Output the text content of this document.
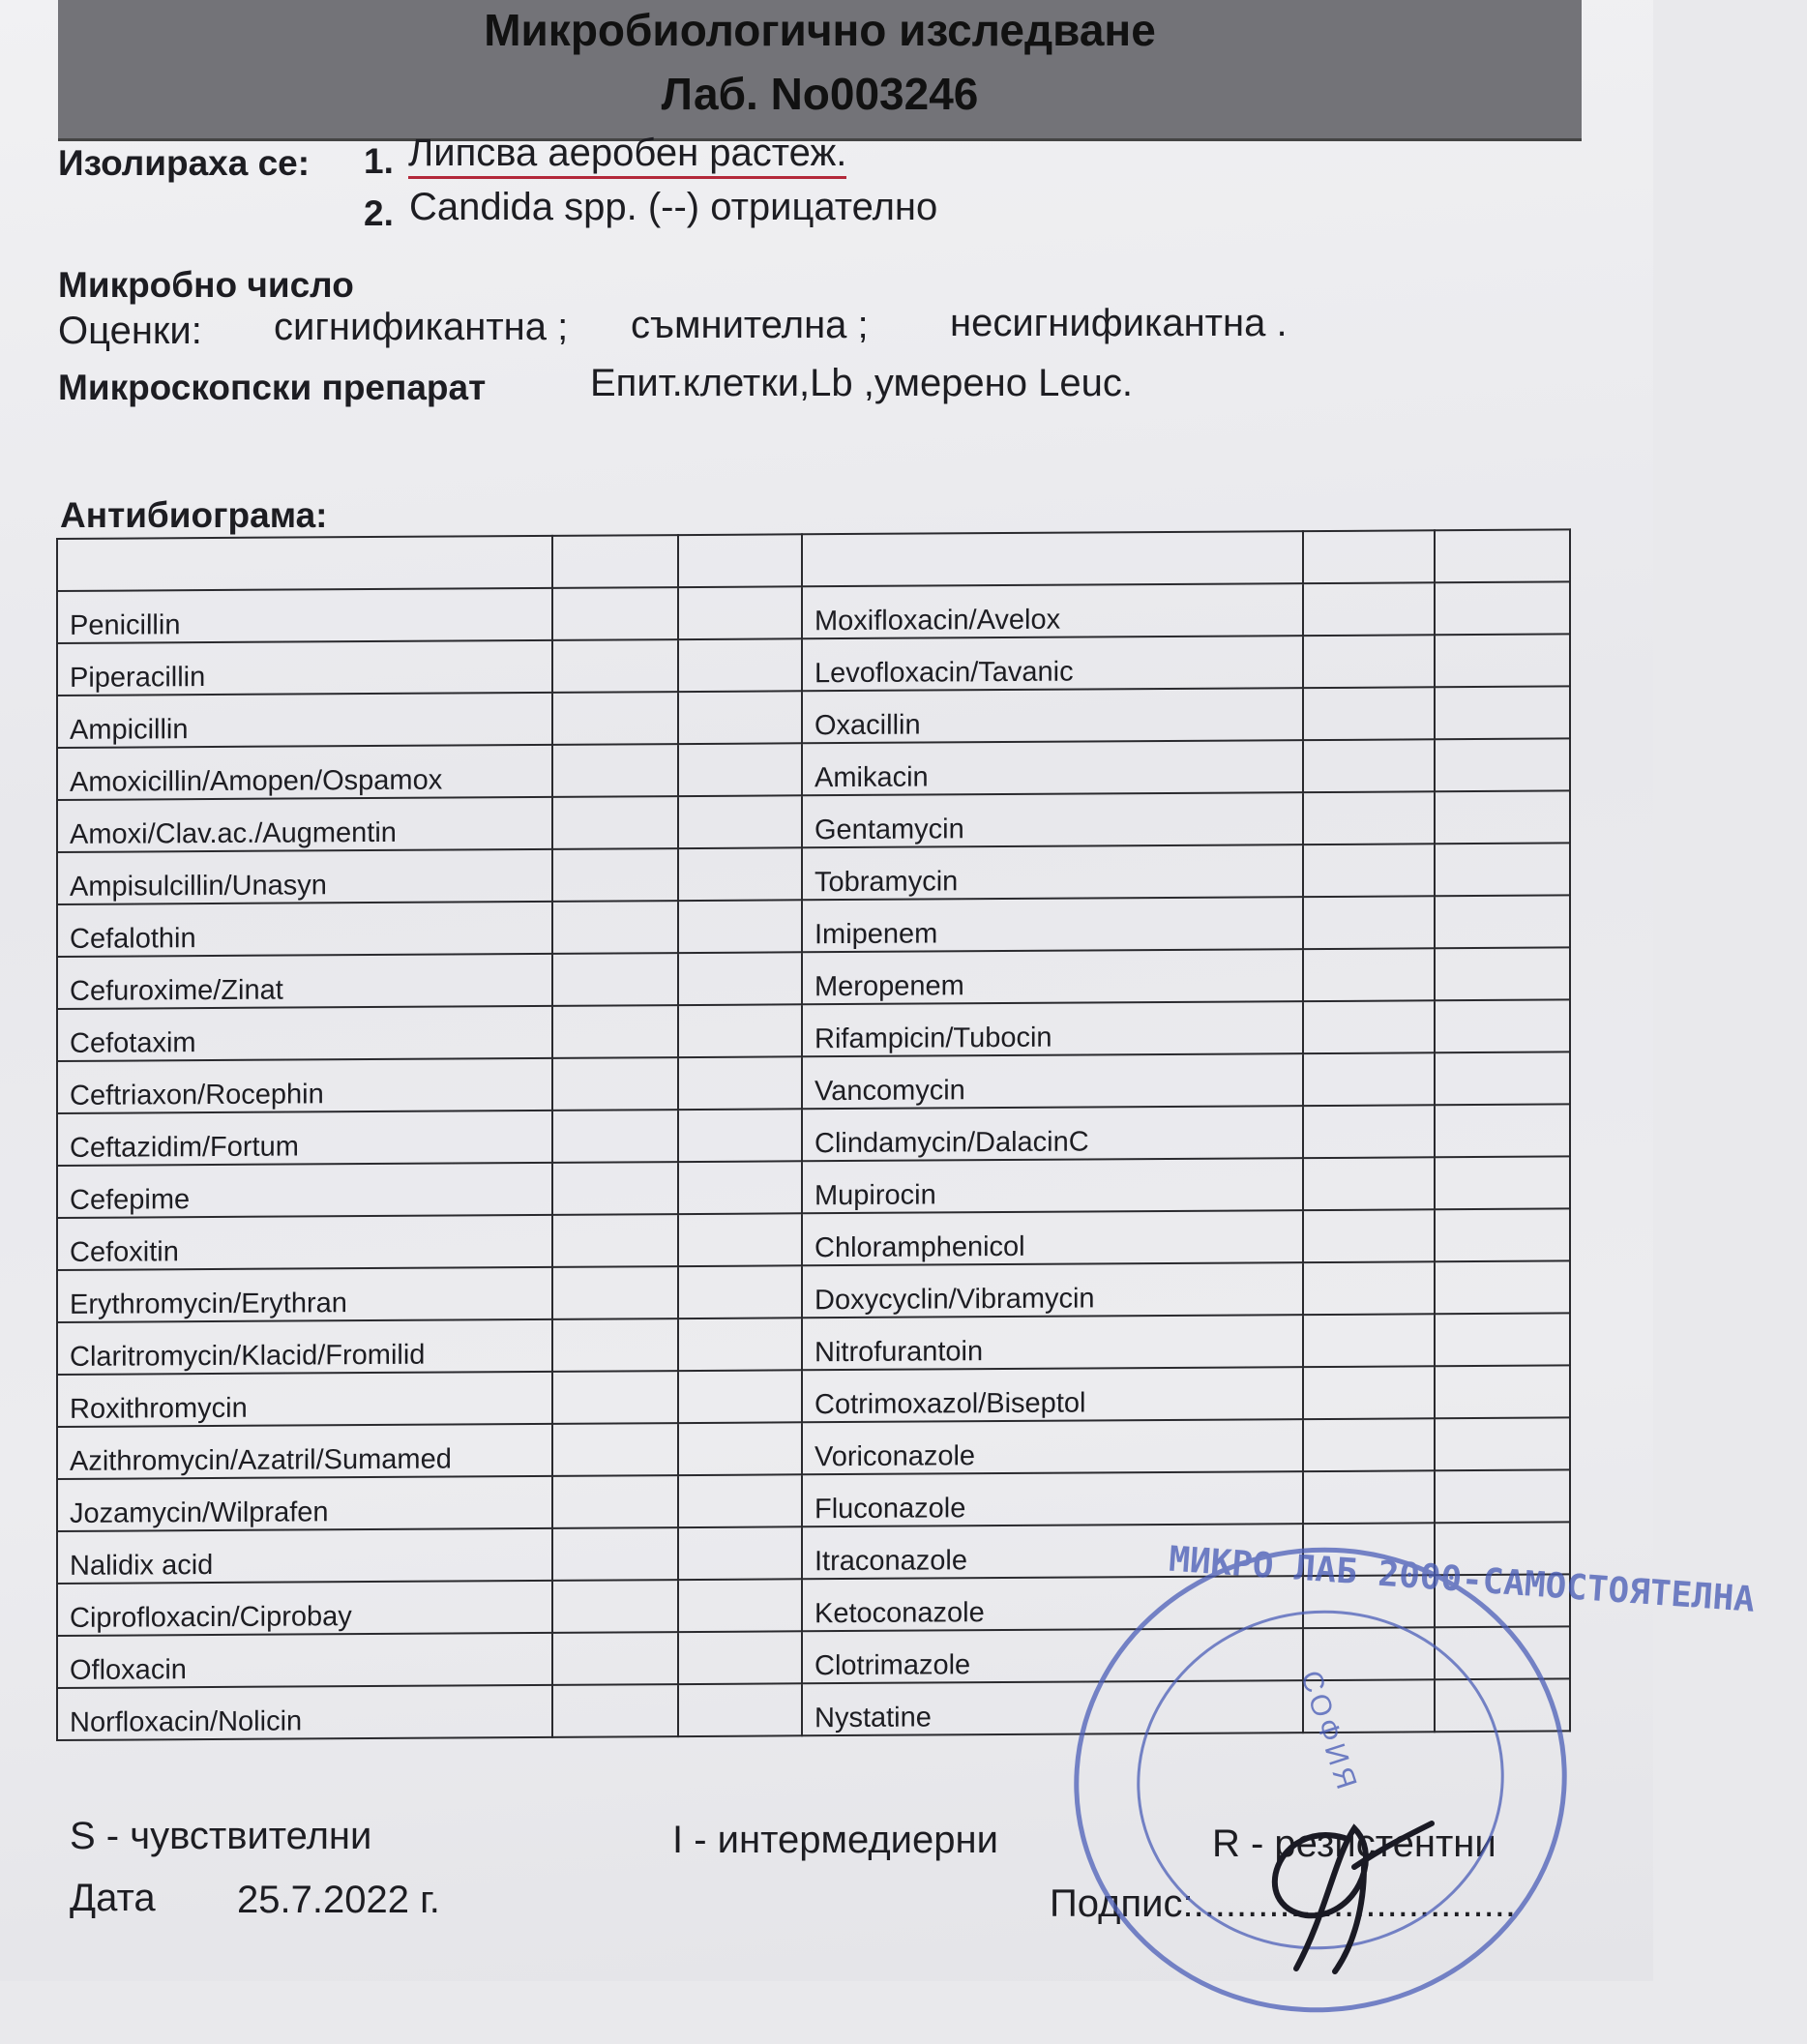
Микробиологично изследване
Лаб. No003246
Изолираха се: 1. Липсва аеробен растеж.
2. Candida spp. (--) отрицателно
Микробно число
Оценки: сигнификантна ; съмнителна ; несигнификантна .
Микроскопски препарат	Епит.клетки,Lb ,умерено Leuc.
Антибиограма:

Penicillin			Moxifloxacin/Avelox		
Piperacillin			Levofloxacin/Tavanic		
Ampicillin			Oxacillin		
Amoxicillin/Amopen/Ospamox			Amikacin		
Amoxi/Clav.ac./Augmentin			Gentamycin		
Ampisulcillin/Unasyn			Tobramycin		
Cefalothin			Imipenem		
Cefuroxime/Zinat			Meropenem		
Cefotaxim			Rifampicin/Tubocin		
Ceftriaxon/Rocephin			Vancomycin		
Ceftazidim/Fortum			Clindamycin/DalacinC		
Cefepime			Mupirocin		
Cefoxitin			Chloramphenicol		
Erythromycin/Erythran			Doxycyclin/Vibramycin		
Claritromycin/Klacid/Fromilid			Nitrofurantoin		
Roxithromycin			Cotrimoxazol/Biseptol		
Azithromycin/Azatril/Sumamed			Voriconazole		
Jozamycin/Wilprafen			Fluconazole		
Nalidix acid			Itraconazole		
Ciprofloxacin/Ciprobay			Ketoconazole		
Ofloxacin			Clotrimazole		
Norfloxacin/Nolicin			Nystatine		
S - чувствителни	I - интермедиерни	R - резистентни
Дата 25.7.2022 г.	Подпис:..............................
МИКРО ЛАБ 2000-САМОСТОЯТЕЛНА
СОФИЯ
